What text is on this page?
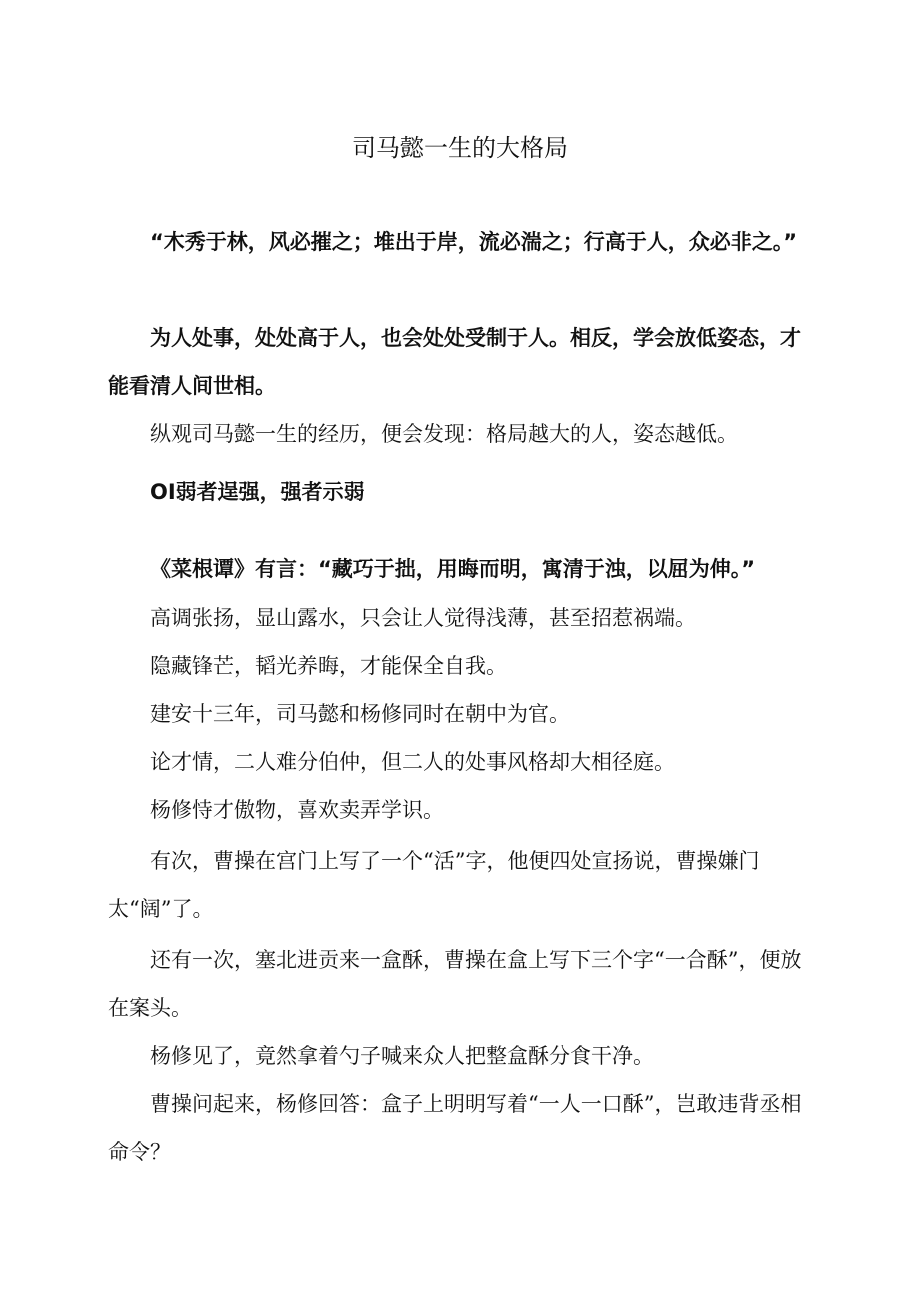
司马懿一生的大格局

“木秀于林，风必摧之；堆出于岸，流必湍之；行高于人，众必非之。”

为人处事，处处高于人，也会处处受制于人。相反，学会放低姿态，才能看清人间世相。

纵观司马懿一生的经历，便会发现：格局越大的人，姿态越低。

OI弱者逞强，强者示弱

《菜根谭》有言：“藏巧于拙，用晦而明，寓清于浊，以屈为伸。”

高调张扬，显山露水，只会让人觉得浅薄，甚至招惹祸端。

隐藏锋芒，韬光养晦，才能保全自我。

建安十三年，司马懿和杨修同时在朝中为官。

论才情，二人难分伯仲，但二人的处事风格却大相径庭。

杨修恃才傲物，喜欢卖弄学识。

有次，曹操在宫门上写了一个“活”字，他便四处宣扬说，曹操嫌门太“阔”了。

还有一次，塞北进贡来一盒酥，曹操在盒上写下三个字“一合酥”，便放在案头。

杨修见了，竟然拿着勺子喊来众人把整盒酥分食干净。

曹操问起来，杨修回答：盒子上明明写着“一人一口酥”，岂敢违背丞相命令？
